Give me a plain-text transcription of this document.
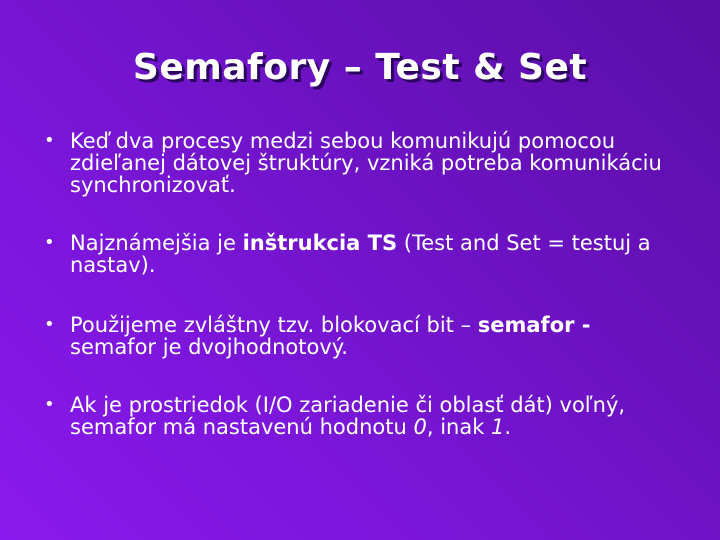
Semafory – Test & Set
• Keď dva procesy medzi sebou komunikujú pomocou zdieľanej dátovej štruktúry, vzniká potreba komunikáciu synchronizovať.
• Najznámejšia je inštrukcia TS (Test and Set = testuj a nastav).
• Použijeme zvláštny tzv. blokovací bit – semafor - semafor je dvojhodnotový.
• Ak je prostriedok (I/O zariadenie či oblasť dát) voľný, semafor má nastavenú hodnotu 0, inak 1.
